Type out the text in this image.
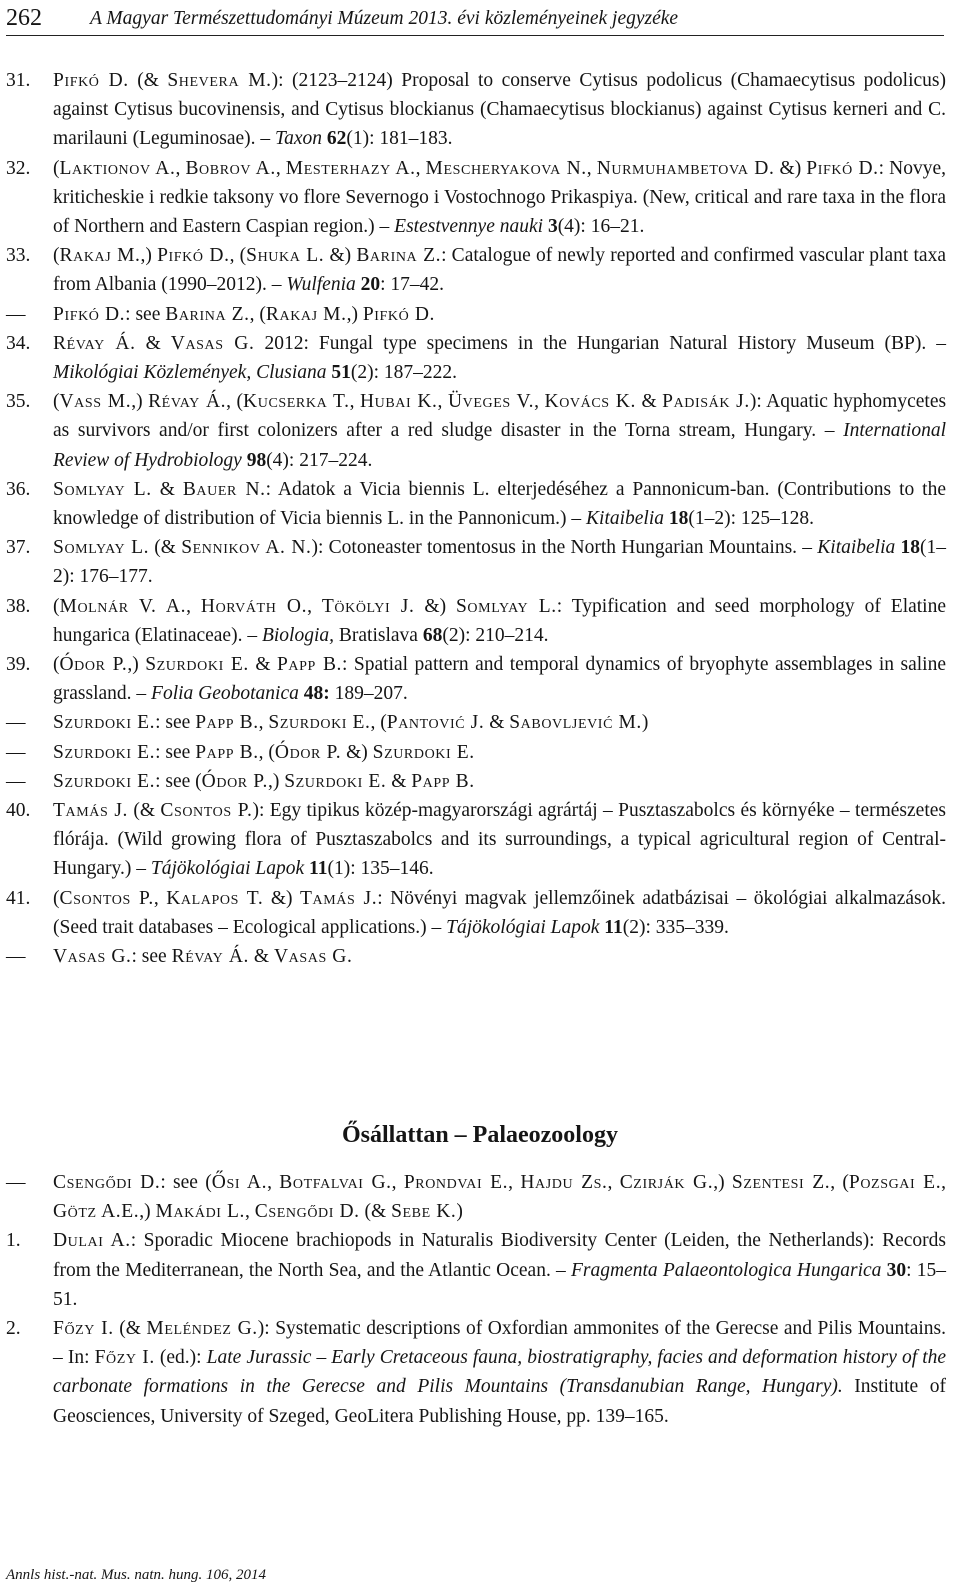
262 A Magyar Természettudományi Múzeum 2013. évi közleményeinek jegyzéke
31.	Pifkó D. (& Shevera M.): (2123–2124) Proposal to conserve Cytisus podolicus (Chamaecytisus podolicus) against Cytisus bucovinensis, and Cytisus blockianus (Chamaecytisus blockianus) against Cytisus kerneri and C. marilauni (Leguminosae). – Taxon 62(1): 181–183.
32.	(Laktionov A., Bobrov A., Mesterhazy A., Mescheryakova N., Nurmuhambetova D. &) Pifkó D.: Novye, kriticheskie i redkie taksony vo flore Severnogo i Vostochnogo Prikaspiya. (New, critical and rare taxa in the flora of Northern and Eastern Caspian region.) – Estestvennye nauki 3(4): 16–21.
33.	(Rakaj M.,) Pifkó D., (Shuka L. &) Barina Z.: Catalogue of newly reported and confirmed vascular plant taxa from Albania (1990–2012). – Wulfenia 20: 17–42.
—	Pifkó D.: see Barina Z., (Rakaj M.,) Pifkó D.
34.	Révay Á. & Vasas G. 2012: Fungal type specimens in the Hungarian Natural History Museum (BP). – Mikológiai Közlemények, Clusiana 51(2): 187–222.
35.	(Vass M.,) Révay Á., (Kucserka T., Hubai K., Üveges V., Kovács K. & Padisák J.): Aquatic hyphomycetes as survivors and/or first colonizers after a red sludge disaster in the Torna stream, Hungary. – International Review of Hydrobiology 98(4): 217–224.
36.	Somlyay L. & Bauer N.: Adatok a Vicia biennis L. elterjedéséhez a Pannonicum-ban. (Contributions to the knowledge of distribution of Vicia biennis L. in the Pannonicum.) – Kitaibelia 18(1–2): 125–128.
37.	Somlyay L. (& Sennikov A. N.): Cotoneaster tomentosus in the North Hungarian Mountains. – Kitaibelia 18(1–2): 176–177.
38.	(Molnár V. A., Horváth O., Tökölyi J. &) Somlyay L.: Typification and seed morphology of Elatine hungarica (Elatinaceae). – Biologia, Bratislava 68(2): 210–214.
39.	(Ódor P.,) Szurdoki E. & Papp B.: Spatial pattern and temporal dynamics of bryophyte assemblages in saline grassland. – Folia Geobotanica 48: 189–207.
—	Szurdoki E.: see Papp B., Szurdoki E., (Pantović J. & Sabovljević M.)
—	Szurdoki E.: see Papp B., (Ódor P. &) Szurdoki E.
—	Szurdoki E.: see (Ódor P.,) Szurdoki E. & Papp B.
40.	Tamás J. (& Csontos P.): Egy tipikus közép-magyarországi agrártáj – Pusztaszabolcs és környéke – természetes flórája. (Wild growing flora of Pusztaszabolcs and its surroundings, a typical agricultural region of Central-Hungary.) – Tájökológiai Lapok 11(1): 135–146.
41.	(Csontos P., Kalapos T. &) Tamás J.: Növényi magvak jellemzőinek adatbázisai – ökológiai alkalmazások. (Seed trait databases – Ecological applications.) – Tájökológiai Lapok 11(2): 335–339.
—	Vasas G.: see Révay Á. & Vasas G.
Ősállattan – Palaeozoology
—	Csengődi D.: see (Ősi A., Botfalvai G., Prondvai E., Hajdu Zs., Czirják G.,) Szentesi Z., (Pozsgai E., Götz A.E.,) Makádi L., Csengődi D. (& Sebe K.)
1.	Dulai A.: Sporadic Miocene brachiopods in Naturalis Biodiversity Center (Leiden, the Netherlands): Records from the Mediterranean, the North Sea, and the Atlantic Ocean. – Fragmenta Palaeontologica Hungarica 30: 15–51.
2.	Főzy I. (& Meléndez G.): Systematic descriptions of Oxfordian ammonites of the Gerecse and Pilis Mountains. – In: Főzy I. (ed.): Late Jurassic – Early Cretaceous fauna, biostratigraphy, facies and deformation history of the carbonate formations in the Gerecse and Pilis Mountains (Transdanubian Range, Hungary). Institute of Geosciences, University of Szeged, GeoLitera Publishing House, pp. 139–165.
Annls hist.-nat. Mus. natn. hung. 106, 2014
